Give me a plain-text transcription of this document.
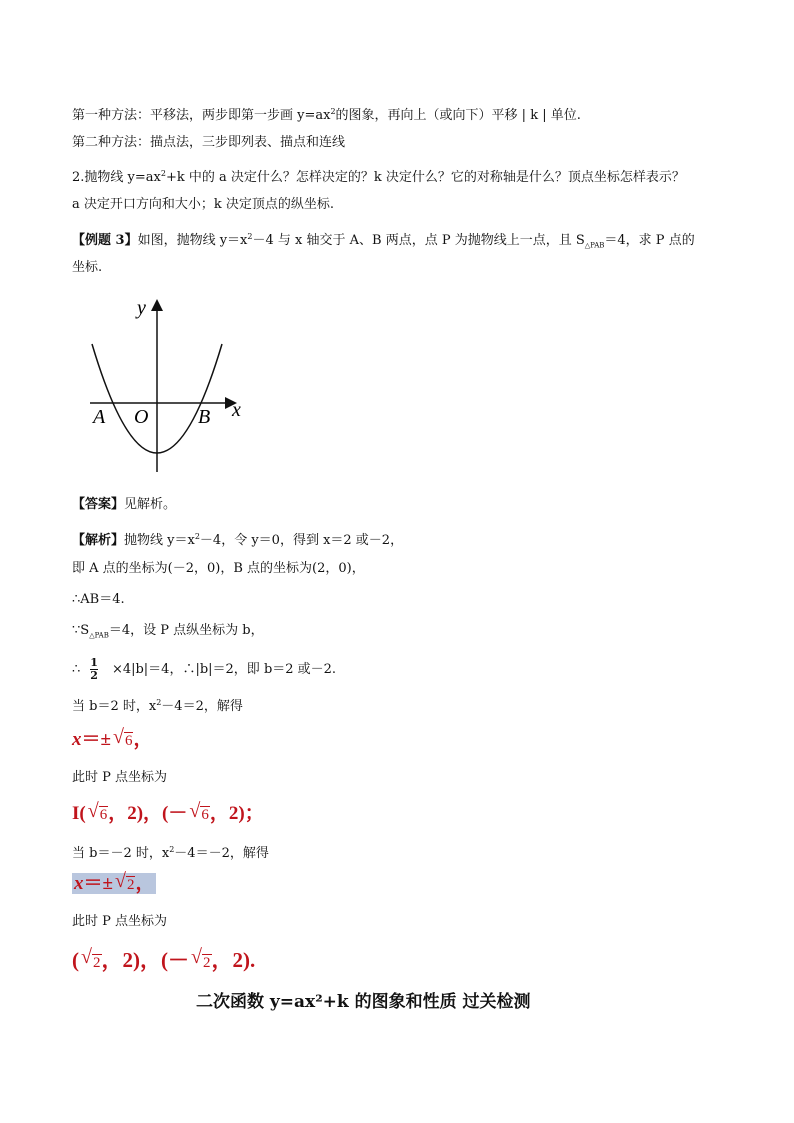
第一种方法：平移法，两步即第一步画 $y=ax^2$的图象，再向上（或向下）平移 | k | 单位.
第二种方法：描点法，三步即列表、描点和连线
2.抛物线 $y=ax^2+k$ 中的 a 决定什么？怎样决定的？k 决定什么？它的对称轴是什么？顶点坐标怎样表示？
a 决定开口方向和大小；k 决定顶点的纵坐标.
【例题 3】如图，抛物线 $y=x^2-4$ 与 x 轴交于 A、B 两点，点 P 为抛物线上一点，且 $S_{\triangle PAB}=4$，求 P 点的
坐标.
y
x
A O B
【答案】见解析。
【解析】抛物线 $y=x^2-4$，令 y＝0，得到 x＝2 或－2，
即 A 点的坐标为(－2，0)，B 点的坐标为(2，0)，
∴AB＝4.
$\because S_{\triangle PAB}=4$，设 P 点纵坐标为 b，
∴ $\frac{1}{2} \times 4|b|=4$，∴|b|＝2，即 b＝2 或－2.
当 b＝2 时，$x^2-4=2$，解得
x＝± √ 6，
此时 P 点坐标为
I( √ 6，2)，(－ √ 6，2)；
当 b＝－2 时，$x^2-4=-2$，解得
x＝± √ 2，
此时 P 点坐标为
( √ 2，2)，(－ √ 2，2).
二次函数 y=ax²+k 的图象和性质 过关检测
